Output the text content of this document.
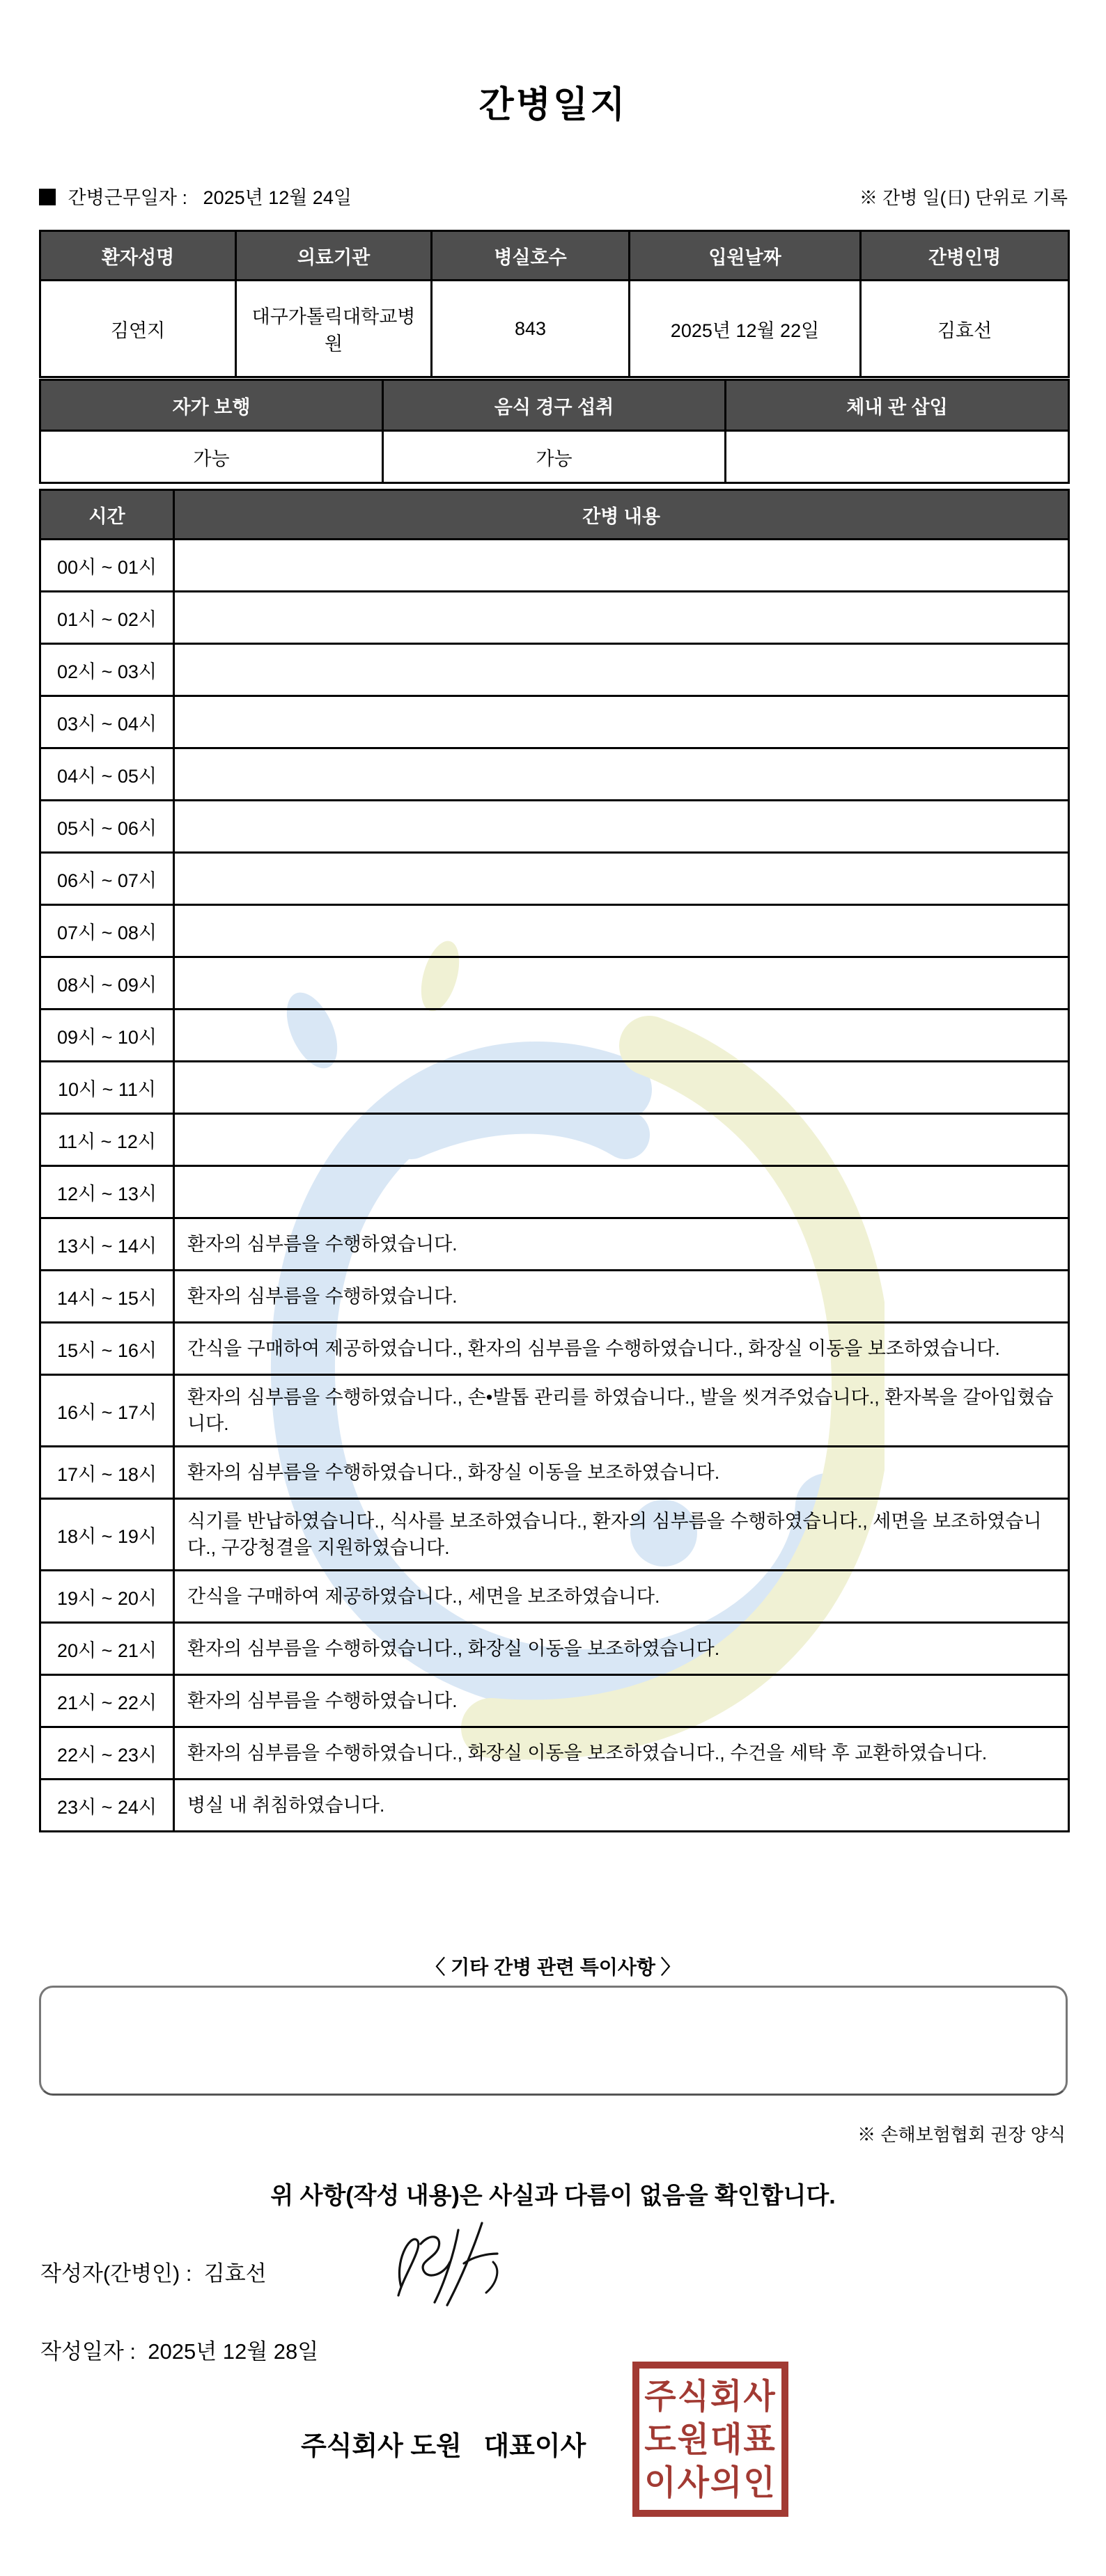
간병일지
간병근무일자 : 2025년 12월 24일	※ 간병 일(日) 단위로 기록
환자성명	의료기관	병실호수	입원날짜	간병인명
김연지	대구가톨릭대학교병원	843	2025년 12월 22일	김효선
자가 보행	음식 경구 섭취	체내 관 삽입
가능	가능	
시간	간병 내용
00시 ~ 01시	
01시 ~ 02시	
02시 ~ 03시	
03시 ~ 04시	
04시 ~ 05시	
05시 ~ 06시	
06시 ~ 07시	
07시 ~ 08시	
08시 ~ 09시	
09시 ~ 10시	
10시 ~ 11시	
11시 ~ 12시	
12시 ~ 13시	
13시 ~ 14시	환자의 심부름을 수행하였습니다.
14시 ~ 15시	환자의 심부름을 수행하였습니다.
15시 ~ 16시	간식을 구매하여 제공하였습니다., 환자의 심부름을 수행하였습니다., 화장실 이동을 보조하였습니다.
16시 ~ 17시	환자의 심부름을 수행하였습니다., 손•발톱 관리를 하였습니다., 발을 씻겨주었습니다., 환자복을 갈아입혔습니다.
17시 ~ 18시	환자의 심부름을 수행하였습니다., 화장실 이동을 보조하였습니다.
18시 ~ 19시	식기를 반납하였습니다., 식사를 보조하였습니다., 환자의 심부름을 수행하였습니다., 세면을 보조하였습니다., 구강청결을 지원하였습니다.
19시 ~ 20시	간식을 구매하여 제공하였습니다., 세면을 보조하였습니다.
20시 ~ 21시	환자의 심부름을 수행하였습니다., 화장실 이동을 보조하였습니다.
21시 ~ 22시	환자의 심부름을 수행하였습니다.
22시 ~ 23시	환자의 심부름을 수행하였습니다., 화장실 이동을 보조하였습니다., 수건을 세탁 후 교환하였습니다.
23시 ~ 24시	병실 내 취침하였습니다.
〈 기타 간병 관련 특이사항 〉
※ 손해보험협회 권장 양식
위 사항(작성 내용)은 사실과 다름이 없음을 확인합니다.
작성자(간병인) :  김효선
작성일자 :  2025년 12월 28일
주식회사 도원   대표이사
주식회사
도원대표
이사의인
